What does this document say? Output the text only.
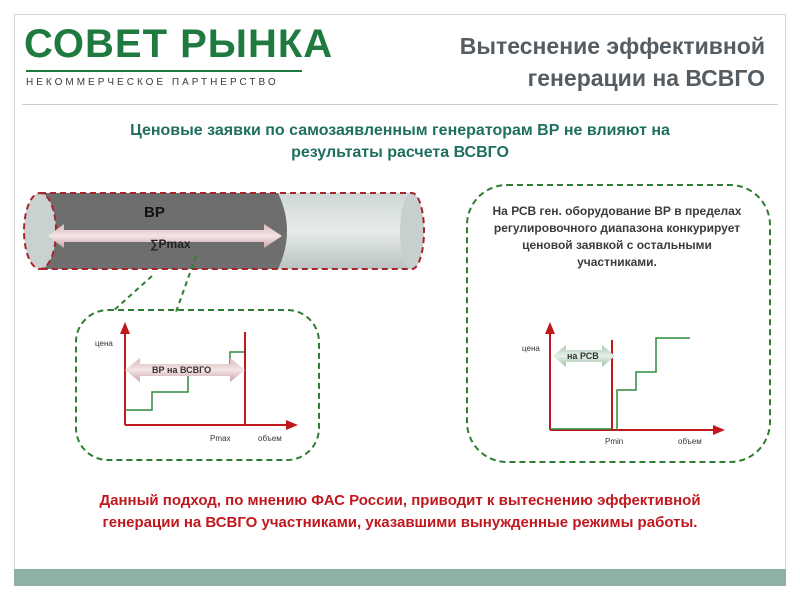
СОВЕТ РЫНКА
НЕКОММЕРЧЕСКОЕ ПАРТНЕРСТВО
Вытеснение эффективной
генерации на ВСВГО
Ценовые заявки по самозаявленным генераторам ВР не влияют на
результаты расчета ВСВГО
ВР
∑Pmax
ВР на ВСВГО
цена
Pmax	объем
на РСВ
цена
Pmin	объем
На РСВ ген. оборудование ВР в пределах регулировочного диапазона конкурирует ценовой заявкой с остальными участниками.
Данный подход, по мнению ФАС России, приводит к вытеснению эффективной
генерации на ВСВГО участниками, указавшими вынужденные режимы работы.
